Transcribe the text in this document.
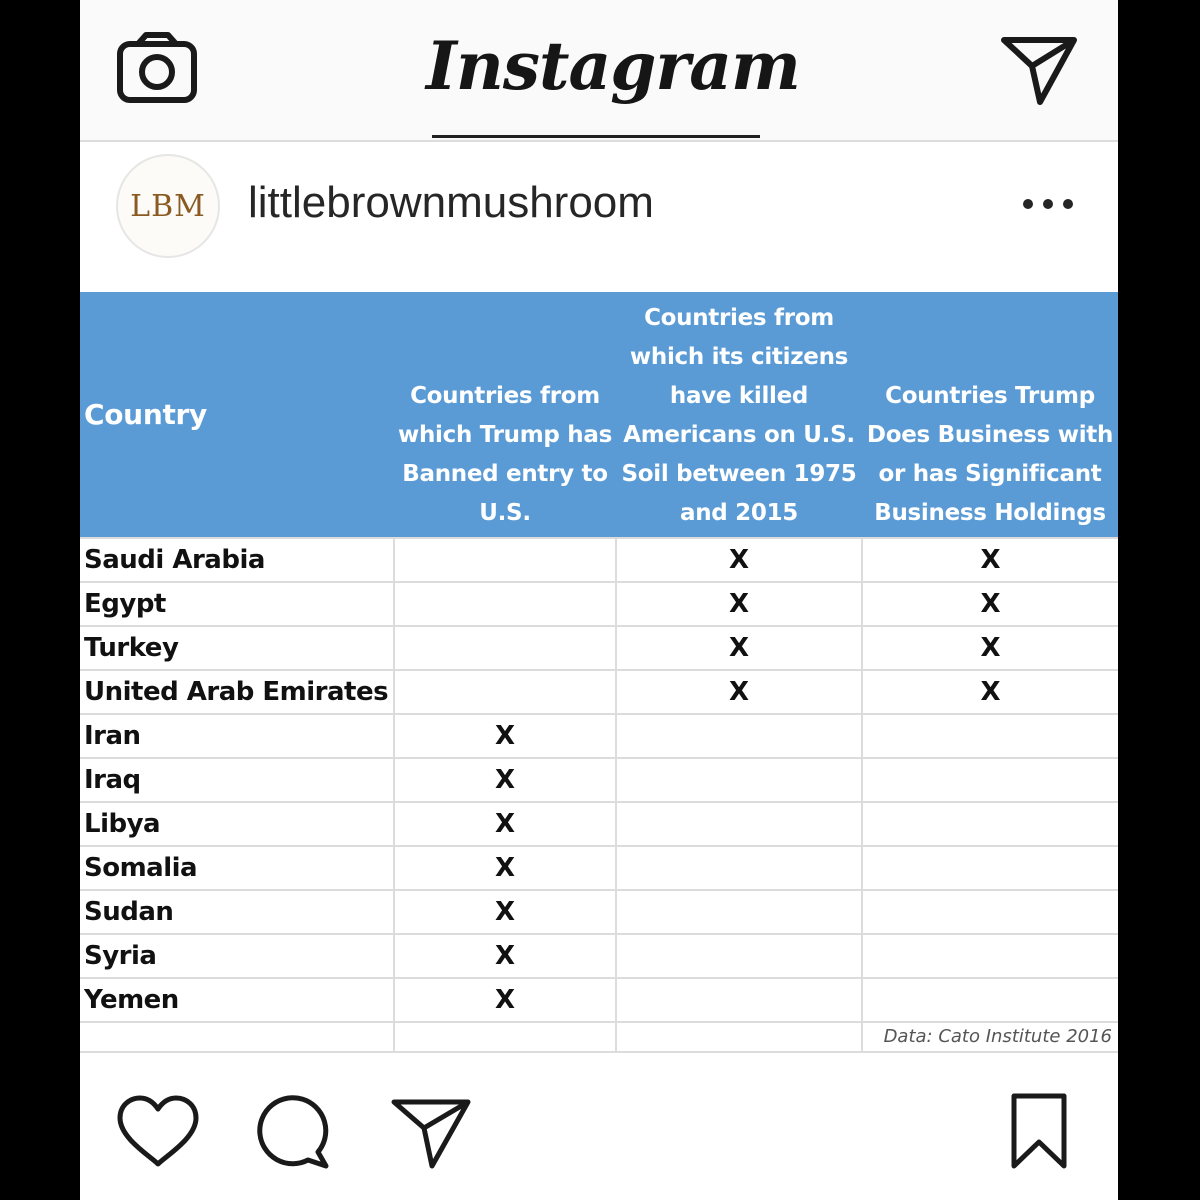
Instagram
LBM littlebrownmushroom
Country	Countries from which Trump has Banned entry to U.S.	Countries from which its citizens have killed Americans on U.S. Soil between 1975 and 2015	Countries Trump Does Business with or has Significant Business Holdings
Saudi Arabia		X	X
Egypt		X	X
Turkey		X	X
United Arab Emirates		X	X
Iran	X		
Iraq	X		
Libya	X		
Somalia	X		
Sudan	X		
Syria	X		
Yemen	X		
			Data: Cato Institute 2016
